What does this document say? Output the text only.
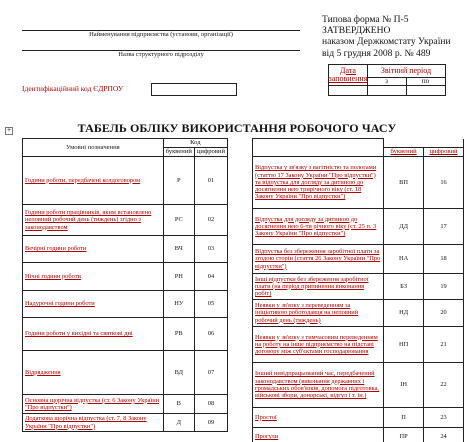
Найменування підприємства (установи, організації)
Назва структурного підрозділу
Типова форма № П-5
ЗАТВЕРДЖЕНО
наказом Держкомстату України
від 5 грудня 2008 р. № 489
Дата заповнення
Звітний період
з	по
Ідентифікаційний код ЄДРПОУ
ТАБЕЛЬ ОБЛІКУ ВИКОРИСТАННЯ РОБОЧОГО ЧАСУ
+
Умовні позначення	Код	
	буквений	цифровий
Години роботи, передбачені колдоговором	Р	01
Години роботи працівників, яким встановлено неповний робочий день (тиждень) згідно з законодавством	РС	02
Вечірні години роботи	ВЧ	03
Нічні години роботи	РН	04
Надурочні години роботи	НУ	05
Години роботи у вихідні та святкові дні	РВ	06
Відрядження	ВД	07
Основна щорічна відпустка (ст. 6 Закону України "Про відпустки")	В	08
Додаткова щорічна відпустка (ст. 7, 8 Закону України "Про відпустки")	Д	09

	буквений	цифровий
Відпустка у зв'язку з вагітністю та пологами (статтю 17 Закону України "Про відпустки") та відпустка для догляду за дитиною до досягнення нею трирічного віку (ст. 18 Закону України "Про відпустки")	ВП	16
Відпустка для догляду за дитиною до досягнення нею 6-ти річного віку (ст. 25 п. 3 Закону України "Про відпустки")	ДД	17
Відпустка без збереження заробітної плати за згодою сторін (стаття 26 Закону України "Про відпустки")	НА	18
Інші відпустки без збереження заробітної плати (на період припинення виконання робіт)	БЗ	19
Неявки у зв'язку з переведенням за ініціативою роботодавця на неповний робочий день (тиждень)	НД	20
Неявки у зв'язку з тимчасовим переведенням на роботу на інше підприємство на підставі договору між суб'єктами господарювання	НП	21
Інший невідпрацьований час, передбачений законодавством (виконання державних і громадських обов'язків, допомога підготовка, військові збори, донорські, відгул і т. ін.)	ІН	22
Простої	П	23
Прогули	ПР	24
